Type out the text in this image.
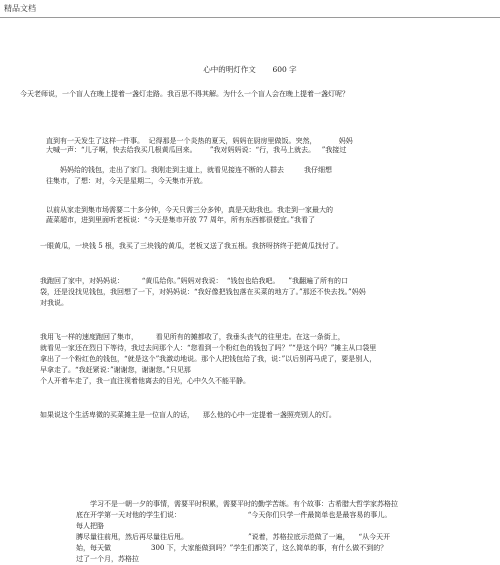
精品文档
心中的明灯作文       600 字
今天老师说，一个盲人在晚上提着一盏灯走路。我百思不得其解。为什么一个盲人会在晚上提着一盏灯呢？
直到有一天发生了这样一件事。  记得那是一个炎热的夏天，妈妈在厨房里做饭。突然，          妈妈
大喊一声：“儿子啊，快去给我买几根黄瓜回来。      ”我对妈妈说：“行，我马上就去。   ”我接过
妈妈给的钱包，走出了家门。我刚走到主道上，就看见接连不断的人群去         我仔细想
往集市，了想：对，今天是星期二，今天集市开放。
以前从家走到集市场需要二十多分钟，今天只需三分多钟，真是天助我也。我走到一家最大的
蔬菜超市，进到里面听老板说：“今天是集市开放 77 周年，所有东西都很便宜。”我看了
一眼黄瓜，一块钱 5 根，我买了三块钱的黄瓜，老板又送了我五根。我挤呀挤终于把黄瓜找付了。
我跑回了家中，对妈妈说：        “黄瓜给你。”妈妈对我说：  “钱包也给我吧。    ”我翻遍了所有的口
袋，还是没找见钱包，我回想了一下，对妈妈说：“我好像把钱包落在买菜的地方了。”那还不快去找。”妈妈
对我说。
我用飞一样的速度跑回了集市，        看见所有的摊都收了，我垂头丧气的往里走。在这一条街上，
就看见一家还在烈日下等待，我过去问那个人：“您看到一个粉红色的钱包了吗？”“是这个吗？”摊主从口袋里
拿出了一个粉红色的钱包，“就是这个”我激动地说。那个人把钱包给了我，说：”以后别再马虎了，要是别人，
早拿走了。“我赶紧说：”谢谢您，谢谢您。”只见那
个人开着车走了，我一直注视着他离去的目光，心中久久不能平静。
如果说这个生活卑微的买菜摊主是一位盲人的话，    那么他的心中一定提着一盏照亮别人的灯。
学习不是一朝一夕的事情，需要平时积累，需要平时的勤学苦练。有个故事：古希腊大哲学家苏格拉
底在开学第一天对他的学生们说：                              “今天你们只学一件最简单也是最容易的事儿。
每人把胳
膊尽量往前甩，然后再尽量往后甩。                           ”说着，苏格拉底示范做了一遍，    “从今天开
始，每天做                  300 下，大家能做到吗？”学生们都笑了，这么简单的事，有什么做不到的？
过了一个月，苏格拉
